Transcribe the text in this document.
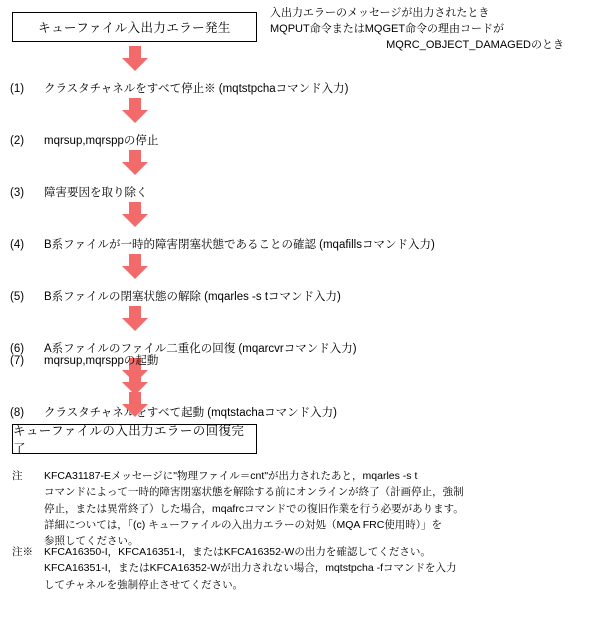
キューファイル入出力エラー発生
入出力エラーのメッセージが出力されたとき
MQPUT命令またはMQGET命令の理由コードが
MQRC_OBJECT_DAMAGEDのとき
(1) クラスタチャネルをすべて停止※ (mqtstpchaコマンド入力)
(2) mqrsup,mqrsppの停止
(3) 障害要因を取り除く
(4) B系ファイルが一時的障害閉塞状態であることの確認 (mqafillsコマンド入力)
(5) B系ファイルの閉塞状態の解除 (mqarles -s tコマンド入力)
(6) A系ファイルのファイル二重化の回復 (mqarcvrコマンド入力)
(7) mqrsup,mqrsppの起動
(8) クラスタチャネルをすべて起動 (mqtstachaコマンド入力)
キューファイルの入出力エラーの回復完了
注	KFCA31187-Eメッセージに"物理ファイル＝cnt"が出力されたあと，mqarles -s t
コマンドによって一時的障害閉塞状態を解除する前にオンラインが終了（計画停止，強制
停止，または異常終了）した場合，mqafrcコマンドでの復旧作業を行う必要があります。
詳細については，「(c) キューファイルの入出力エラーの対処（MQA FRC使用時）」を
参照してください。
注※	KFCA16350-I，KFCA16351-I，またはKFCA16352-Wの出力を確認してください。
KFCA16351-I，またはKFCA16352-Wが出力されない場合，mqtstpcha -fコマンドを入力
してチャネルを強制停止させてください。
